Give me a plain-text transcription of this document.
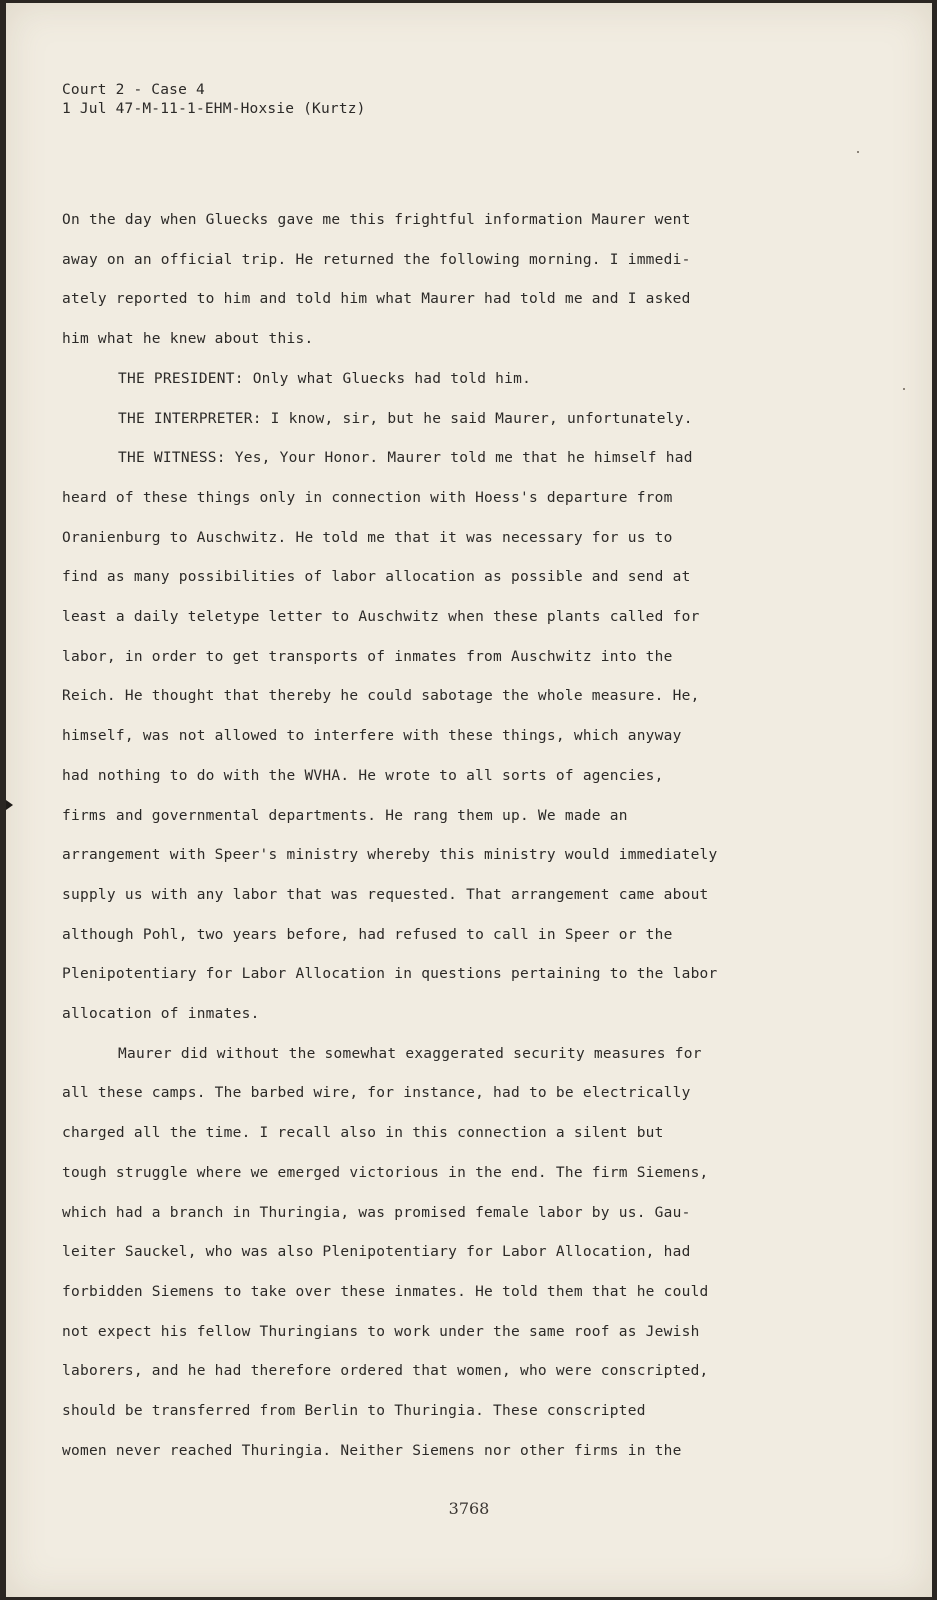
Court 2 - Case 4
1 Jul 47-M-11-1-EHM-Hoxsie (Kurtz)
On the day when Gluecks gave me this frightful information Maurer went
away on an official trip. He returned the following morning. I immedi-
ately reported to him and told him what Maurer had told me and I asked
him what he knew about this.
THE PRESIDENT: Only what Gluecks had told him.
THE INTERPRETER: I know, sir, but he said Maurer, unfortunately.
THE WITNESS: Yes, Your Honor. Maurer told me that he himself had
heard of these things only in connection with Hoess's departure from
Oranienburg to Auschwitz. He told me that it was necessary for us to
find as many possibilities of labor allocation as possible and send at
least a daily teletype letter to Auschwitz when these plants called for
labor, in order to get transports of inmates from Auschwitz into the
Reich. He thought that thereby he could sabotage the whole measure. He,
himself, was not allowed to interfere with these things, which anyway
had nothing to do with the WVHA. He wrote to all sorts of agencies,
firms and governmental departments. He rang them up. We made an
arrangement with Speer's ministry whereby this ministry would immediately
supply us with any labor that was requested. That arrangement came about
although Pohl, two years before, had refused to call in Speer or the
Plenipotentiary for Labor Allocation in questions pertaining to the labor
allocation of inmates.
Maurer did without the somewhat exaggerated security measures for
all these camps. The barbed wire, for instance, had to be electrically
charged all the time. I recall also in this connection a silent but
tough struggle where we emerged victorious in the end. The firm Siemens,
which had a branch in Thuringia, was promised female labor by us. Gau-
leiter Sauckel, who was also Plenipotentiary for Labor Allocation, had
forbidden Siemens to take over these inmates. He told them that he could
not expect his fellow Thuringians to work under the same roof as Jewish
laborers, and he had therefore ordered that women, who were conscripted,
should be transferred from Berlin to Thuringia. These conscripted
women never reached Thuringia. Neither Siemens nor other firms in the
3768
